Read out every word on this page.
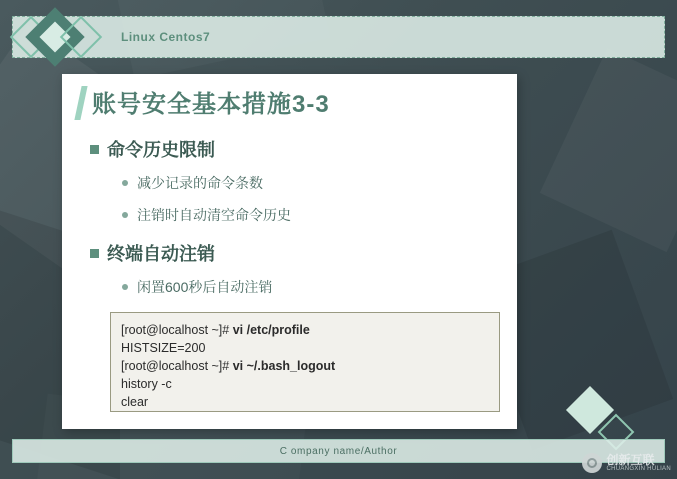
Linux Centos7
账号安全基本措施3-3
命令历史限制
减少记录的命令条数
注销时自动清空命令历史
终端自动注销
闲置600秒后自动注销
[root@localhost ~]# vi /etc/profile
HISTSIZE=200
[root@localhost ~]# vi ~/.bash_logout
history -c
clear
C ompany name/Author
创新互联
CHUANGXIN HULIAN
